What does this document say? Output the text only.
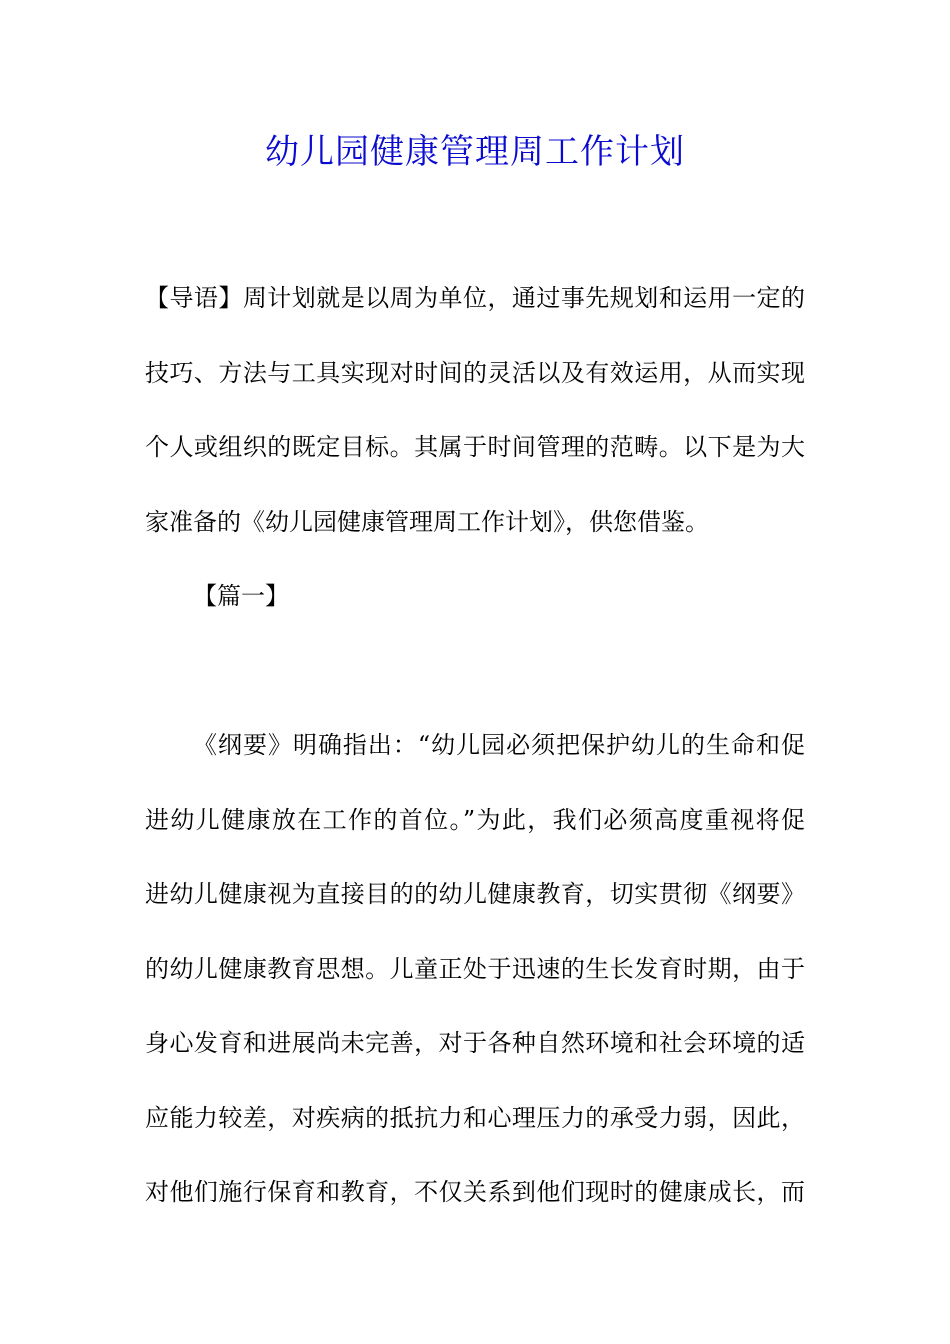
幼儿园健康管理周工作计划
【导语】周计划就是以周为单位，通过事先规划和运用一定的
技巧、方法与工具实现对时间的灵活以及有效运用，从而实现
个人或组织的既定目标。其属于时间管理的范畴。以下是为大
家准备的《幼儿园健康管理周工作计划》，供您借鉴。
【篇一】
《纲要》明确指出：“幼儿园必须把保护幼儿的生命和促
进幼儿健康放在工作的首位。”为此，我们必须高度重视将促
进幼儿健康视为直接目的的幼儿健康教育，切实贯彻《纲要》
的幼儿健康教育思想。儿童正处于迅速的生长发育时期，由于
身心发育和进展尚未完善，对于各种自然环境和社会环境的适
应能力较差，对疾病的抵抗力和心理压力的承受力弱，因此，
对他们施行保育和教育，不仅关系到他们现时的健康成长，而
